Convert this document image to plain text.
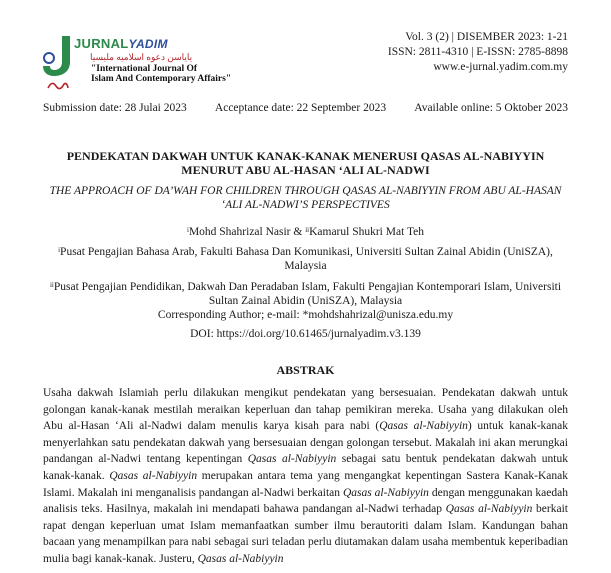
JURNALYADIM
ياياسن دعوه اسلاميه مليسيا
"International Journal Of
Islam And Contemporary Affairs"
Vol. 3 (2) | DISEMBER 2023: 1-21
ISSN: 2811-4310 | E-ISSN: 2785-8898
www.e-jurnal.yadim.com.my
Submission date: 28 Julai 2023 Acceptance date: 22 September 2023 Available online: 5 Oktober 2023
PENDEKATAN DAKWAH UNTUK KANAK-KANAK MENERUSI QASAS AL-NABIYYIN MENURUT ABU AL-HASAN ‘ALI AL-NADWI
THE APPROACH OF DA’WAH FOR CHILDREN THROUGH QASAS AL-NABIYYIN FROM ABU AL-HASAN
‘ALI AL-NADWI’S PERSPECTIVES
$^i$Mohd Shahrizal Nasir & $^{ii}$Kamarul Shukri Mat Teh
$^i$Pusat Pengajian Bahasa Arab, Fakulti Bahasa Dan Komunikasi, Universiti Sultan Zainal Abidin (UniSZA), Malaysia
$^{ii}$Pusat Pengajian Pendidikan, Dakwah Dan Peradaban Islam, Fakulti Pengajian Kontemporari Islam, Universiti Sultan Zainal Abidin (UniSZA), Malaysia
Corresponding Author; e-mail: *mohdshahrizal@unisza.edu.my
DOI: https://doi.org/10.61465/jurnalyadim.v3.139
ABSTRAK
Usaha dakwah Islamiah perlu dilakukan mengikut pendekatan yang bersesuaian. Pendekatan dakwah untuk golongan kanak-kanak mestilah meraikan keperluan dan tahap pemikiran mereka. Usaha yang dilakukan oleh Abu al-Hasan ‘Ali al-Nadwi dalam menulis karya kisah para nabi (Qasas al-Nabiyyin) untuk kanak-kanak menyerlahkan satu pendekatan dakwah yang bersesuaian dengan golongan tersebut. Makalah ini akan merungkai pandangan al-Nadwi tentang kepentingan Qasas al-Nabiyyin sebagai satu bentuk pendekatan dakwah untuk kanak-kanak. Qasas al-Nabiyyin merupakan antara tema yang mengangkat kepentingan Sastera Kanak-Kanak Islami. Makalah ini menganalisis pandangan al-Nadwi berkaitan Qasas al-Nabiyyin dengan menggunakan kaedah analisis teks. Hasilnya, makalah ini mendapati bahawa pandangan al-Nadwi terhadap Qasas al-Nabiyyin berkait rapat dengan keperluan umat Islam memanfaatkan sumber ilmu berautoriti dalam Islam. Kandungan bahan bacaan yang menampilkan para nabi sebagai suri teladan perlu diutamakan dalam usaha membentuk keperibadian mulia bagi kanak-kanak. Justeru, Qasas al-Nabiyyin
